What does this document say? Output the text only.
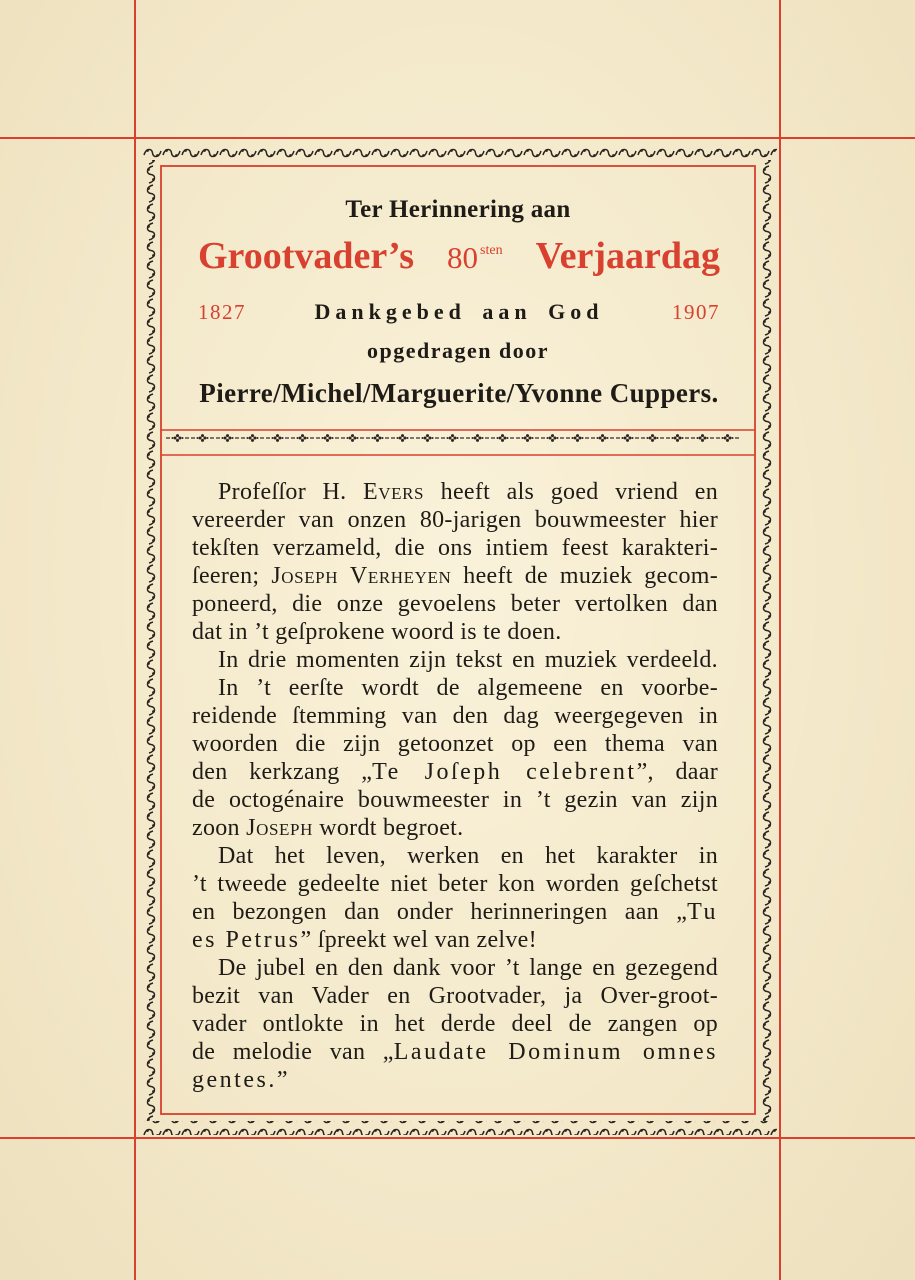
Ter Herinnering aan
Grootvader’s 80 $^{sten}$ Verjaardag
1827	Dankgebed aan God	1907
opgedragen door
Pierre/Michel/Marguerite/Yvonne Cuppers.
Profeſſor H. Evers heeft als goed vriend en
vereerder van onzen 80-jarigen bouwmeester hier
tekſten verzameld, die ons intiem feest karakteri-
ſeeren; Joseph Verheyen heeft de muziek gecom-
poneerd, die onze gevoelens beter vertolken dan
dat in ’t geſprokene woord is te doen.
In drie momenten zijn tekst en muziek verdeeld.
In ’t eerſte wordt de algemeene en voorbe-
reidende ſtemming van den dag weergegeven in
woorden die zijn getoonzet op een thema van
den kerkzang „Te Joſeph celebrent”, daar
de octogénaire bouwmeester in ’t gezin van zijn
zoon Joseph wordt begroet.
Dat het leven, werken en het karakter in
’t tweede gedeelte niet beter kon worden geſchetst
en bezongen dan onder herinneringen aan „Tu
es Petrus” ſpreekt wel van zelve!
De jubel en den dank voor ’t lange en gezegend
bezit van Vader en Grootvader, ja Over-groot-
vader ontlokte in het derde deel de zangen op
de melodie van „Laudate Dominum omnes
gentes.”
